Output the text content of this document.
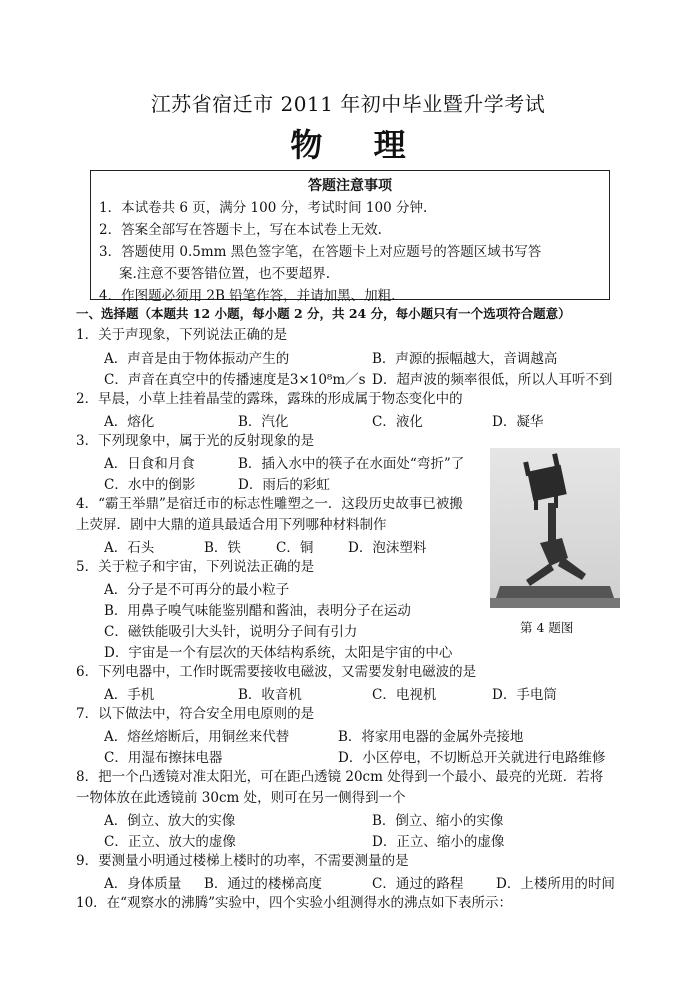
江苏省宿迁市 2011 年初中毕业暨升学考试
物 理
答题注意事项
1．本试卷共 6 页，满分 100 分，考试时间 100 分钟.
2．答案全部写在答题卡上，写在本试卷上无效.
3．答题使用 0.5mm 黑色签字笔，在答题卡上对应题号的答题区域书写答
案.注意不要答错位置，也不要超界.
4．作图题必须用 2B 铅笔作答，并请加黑、加粗.
一、选择题（本题共 12 小题，每小题 2 分，共 24 分，每小题只有一个选项符合题意）
1．关于声现象，下列说法正确的是
A．声音是由于物体振动产生的	B．声源的振幅越大，音调越高
C．声音在真空中的传播速度是3×10⁸m／s D．超声波的频率很低，所以人耳听不到
2．早晨，小草上挂着晶莹的露珠，露珠的形成属于物态变化中的
A．熔化	B．汽化	C．液化	D．凝华
3．下列现象中，属于光的反射现象的是
A．日食和月食	B．插入水中的筷子在水面处“弯折”了
C．水中的倒影	D．雨后的彩虹
4．“霸王举鼎”是宿迁市的标志性雕塑之一．这段历史故事已被搬
上荧屏．剧中大鼎的道具最适合用下列哪种材料制作
A．石头	B．铁	C．铜	D．泡沫塑料
5．关于粒子和宇宙，下列说法正确的是
A．分子是不可再分的最小粒子
B．用鼻子嗅气味能鉴别醋和酱油，表明分子在运动
C．磁铁能吸引大头针，说明分子间有引力
D．宇宙是一个有层次的天体结构系统，太阳是宇宙的中心
6．下列电器中，工作时既需要接收电磁波，又需要发射电磁波的是
A．手机	B．收音机	C．电视机	D．手电筒
7．以下做法中，符合安全用电原则的是
A．熔丝熔断后，用铜丝来代替	B．将家用电器的金属外壳接地
C．用湿布擦抹电器	D．小区停电，不切断总开关就进行电路维修
8．把一个凸透镜对准太阳光，可在距凸透镜 20cm 处得到一个最小、最亮的光斑．若将
一物体放在此透镜前 30cm 处，则可在另一侧得到一个
A．倒立、放大的实像	B．倒立、缩小的实像
C．正立、放大的虚像	D．正立、缩小的虚像
9．要测量小明通过楼梯上楼时的功率，不需要测量的是
A．身体质量 B．通过的楼梯高度	C．通过的路程 D．上楼所用的时间
10．在“观察水的沸腾”实验中，四个实验小组测得水的沸点如下表所示：
第 4 题图
